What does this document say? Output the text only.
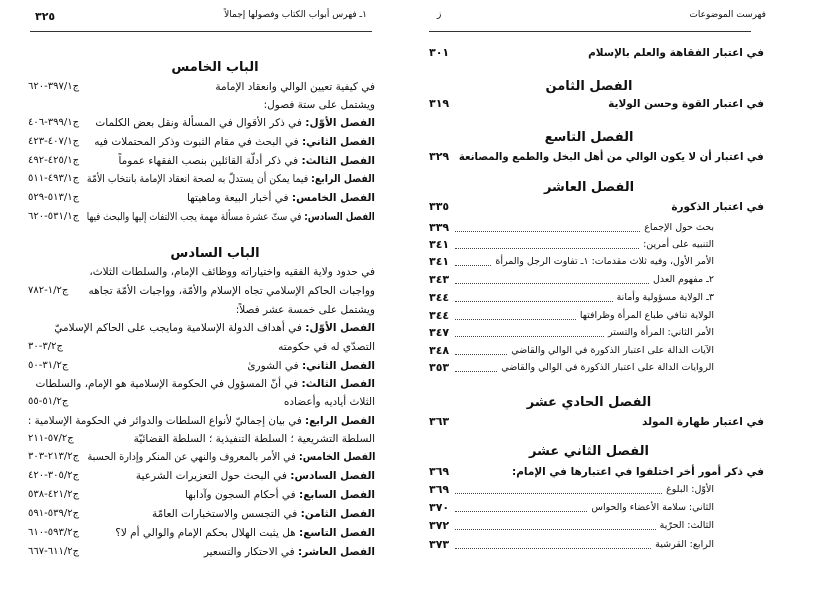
١ـ فهرس أبواب الكتاب وفصولها إجمالاً
٣٢٥
الباب الخامس
في كيفية تعيين الوالي وانعقاد الإمامة
٦٢٠-٣٩٧/١ج
ويشتمل على ستة فصول:
الفصل الأوّل: في ذكر الأقوال في المسألة ونقل بعض الكلمات
٤٠٦-٣٩٩/١ج
الفصل الثاني: في البحث في مقام الثبوت وذكر المحتملات فيه
٤٢٣-٤٠٧/١ج
الفصل الثالث: في ذكر أدلّة القائلين بنصب الفقهاء عموماً
٤٩٢-٤٢٥/١ج
الفصل الرابع: فيما يمكن أن يستدلّ به لصحة انعقاد الإمامة بانتخاب الأمّة
٥١١-٤٩٣/١ج
الفصل الخامس: في أخبار البيعة وماهيتها
٥٢٩-٥١٣/١ج
الفصل السادس: في ستّ عشرة مسألة مهمة يجب الالتفات إليها والبحث فيها
٦٢٠-٥٣١/١ج
الباب السادس
في حدود ولاية الفقيه واختياراته ووظائف الإمام، والسلطات الثلاث،
وواجبات الحاكم الإسلامي تجاه الإسلام والأمّة، وواجبات الأمّة تجاهه
٧٨٢-١/٢ج
ويشتمل على خمسة عشر فصلاً:
الفصل الأوّل: في أهداف الدولة الإسلامية ومايجب على الحاكم الإسلاميّ
التصدّي له في حكومته
٣٠-٣/٢ج
الفصل الثاني: في الشورىٰ
٥٠-٣١/٢ج
الفصل الثالث: في أنّ المسؤول في الحكومة الإسلامية هو الإمام، والسلطات
الثلاث أياديه وأعضاده
٥٥-٥١/٢ج
الفصل الرابع: في بيان إجماليّ لأنواع السلطات والدوائر في الحكومة الإسلامية :
السلطة التشريعية ؛ السلطة التنفيذية ؛ السلطة القضائيّة
٢١١-٥٧/٢ج
الفصل الخامس: في الأمر بالمعروف والنهي عن المنكر وإدارة الحسبة
٣٠٣-٢١٣/٢ج
الفصل السادس: في البحث حول التعزيرات الشرعية
٤٢٠-٣٠٥/٢ج
الفصل السابع: في أحكام السجون وآدابها
٥٣٨-٤٢١/٢ج
الفصل الثامن: في التجسس والاستخبارات العامّة
٥٩١-٥٣٩/٢ج
الفصل التاسع: هل يثبت الهلال بحكم الإمام والوالي أم لا؟
٦١٠-٥٩٣/٢ج
الفصل العاشر: في الاحتكار والتسعير
٦٦٧-٦١١/٢ج
فهرست الموضوعات
ز
٣٠١	في اعتبار الفقاهة والعلم بالإسلام
الفصل الثامن
٣١٩	في اعتبار القوة وحسن الولاية
الفصل التاسع
٣٢٩ في اعتبار أن لا يكون الوالي من أهل البخل والطمع والمصانعة
الفصل العاشر
٣٣٥	في اعتبار الذكورة
٣٣٩	بحث حول الإجماع
٣٤١	التنبيه على أمرين:
٣٤١	الأمر الأول، وفيه ثلاث مقدمات: ١ـ تفاوت الرجل والمرأة
٣٤٣	٢ـ مفهوم العدل
٣٤٤	٣ـ الولاية مسؤولية وأمانة
٣٤٤	الولاية تنافي طباع المرأة وظرافتها
٣٤٧	الأمر الثاني: المرأة والتستر
٣٤٨	الآيات الدالة على اعتبار الذكورة في الوالي والقاضي
٣٥٣	الروايات الدالة على اعتبار الذكورة في الوالي والقاضي
الفصل الحادي عشر
٣٦٣	في اعتبار طهارة المولد
الفصل الثاني عشر
٣٦٩	في ذكر أمور أخر اختلفوا في اعتبارها في الإمام:
٣٦٩	الأوّل: البلوغ
٣٧٠	الثاني: سلامة الأعضاء والحواس
٣٧٢	الثالث: الحرّية
٣٧٣	الرابع: القرشية
